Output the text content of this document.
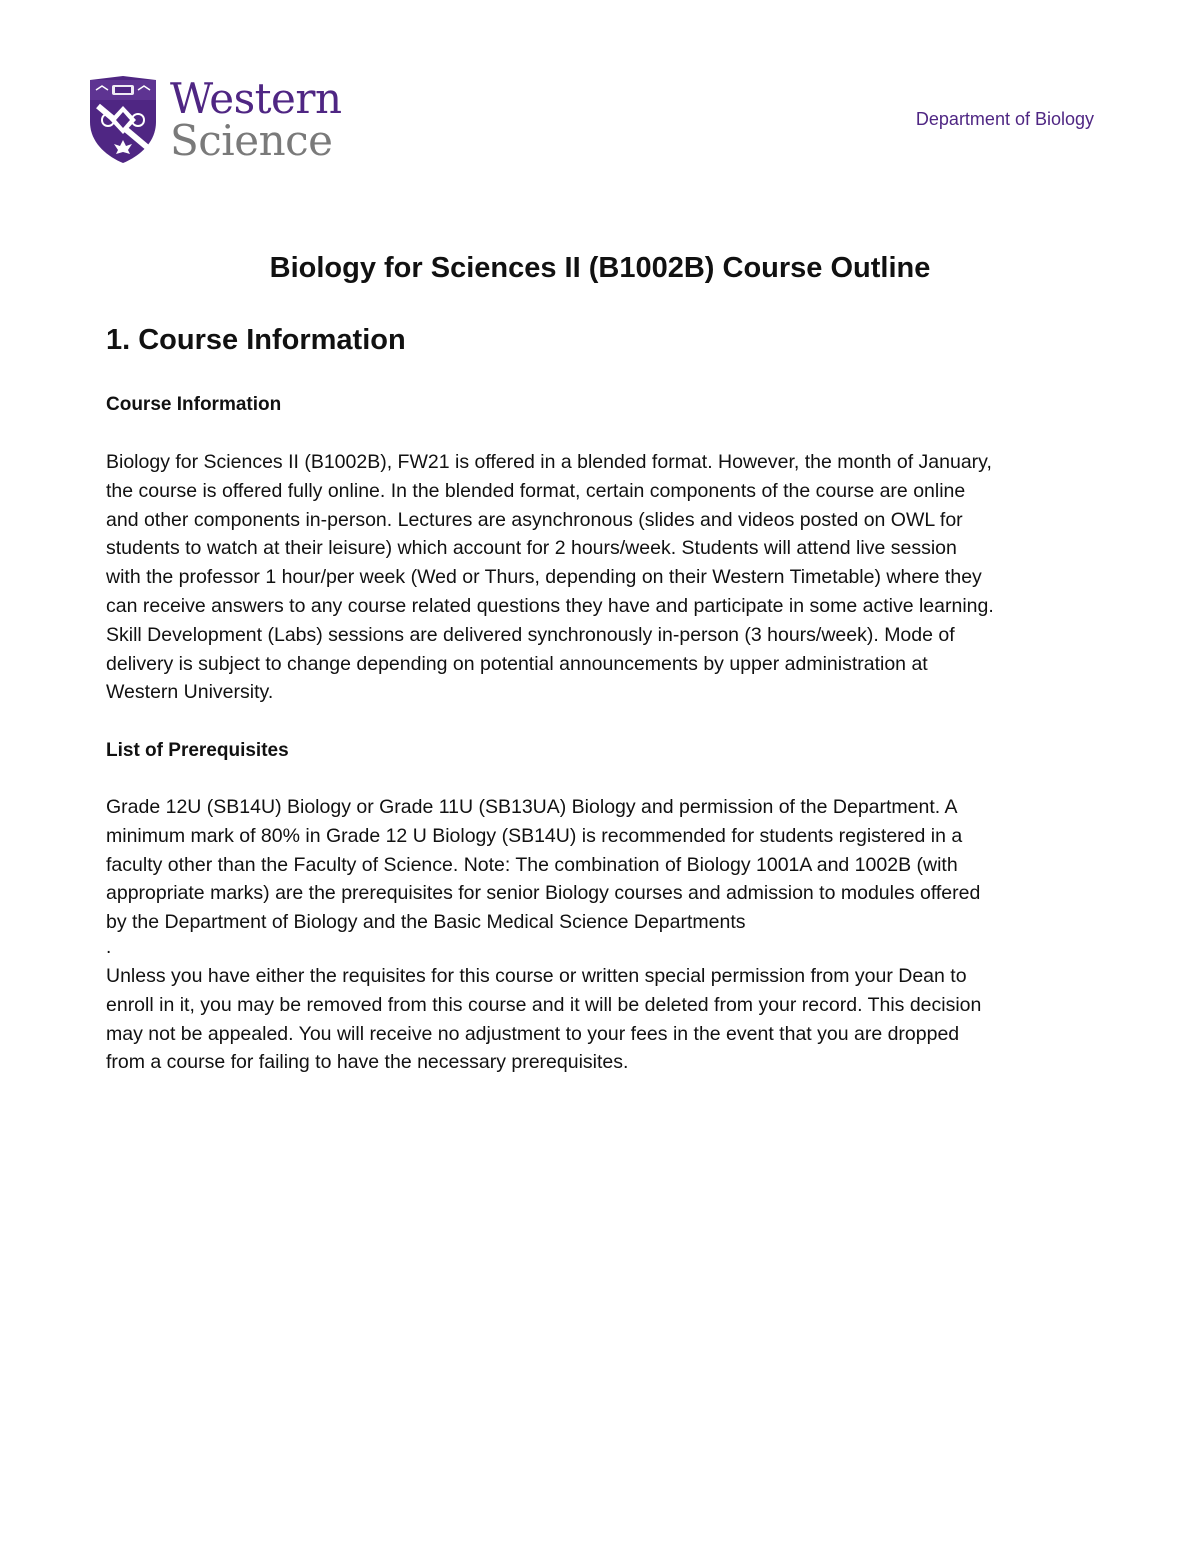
Western
Science	Department of Biology
Biology for Sciences II (B1002B) Course Outline
1. Course Information
Course Information
Biology for Sciences II (B1002B), FW21 is offered in a blended format. However, the month of January,
the course is offered fully online. In the blended format, certain components of the course are online
and other components in-person. Lectures are asynchronous (slides and videos posted on OWL for
students to watch at their leisure) which account for 2 hours/week. Students will attend live session
with the professor 1 hour/per week (Wed or Thurs, depending on their Western Timetable) where they
can receive answers to any course related questions they have and participate in some active learning.
Skill Development (Labs) sessions are delivered synchronously in-person (3 hours/week). Mode of
delivery is subject to change depending on potential announcements by upper administration at
Western University.
List of Prerequisites
Grade 12U (SB14U) Biology or Grade 11U (SB13UA) Biology and permission of the Department. A
minimum mark of 80% in Grade 12 U Biology (SB14U) is recommended for students registered in a
faculty other than the Faculty of Science. Note: The combination of Biology 1001A and 1002B (with
appropriate marks) are the prerequisites for senior Biology courses and admission to modules offered
by the Department of Biology and the Basic Medical Science Departments
.
Unless you have either the requisites for this course or written special permission from your Dean to
enroll in it, you may be removed from this course and it will be deleted from your record. This decision
may not be appealed. You will receive no adjustment to your fees in the event that you are dropped
from a course for failing to have the necessary prerequisites.
